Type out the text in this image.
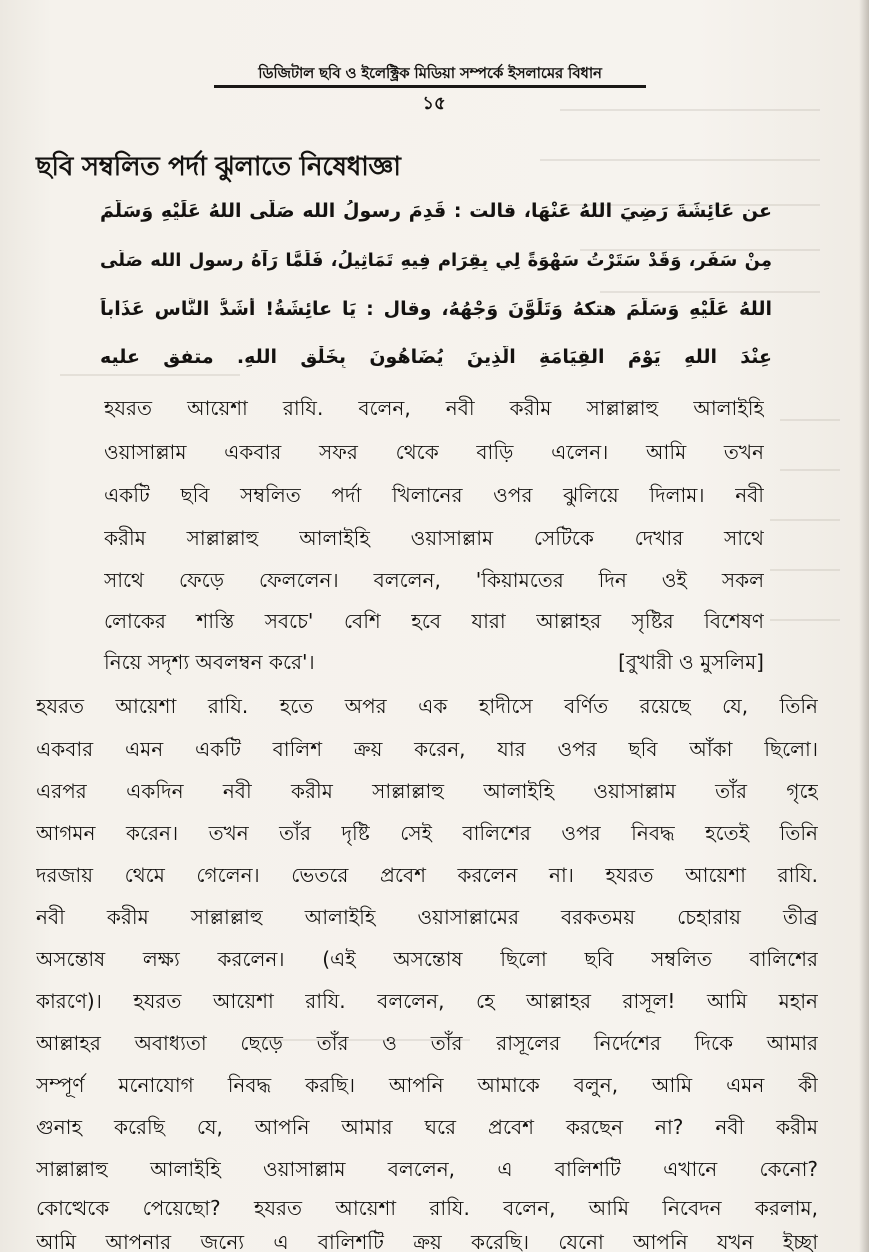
ডিজিটাল ছবি ও ইলেক্ট্রিক মিডিয়া সম্পর্কে ইসলামের বিধান
১৫
ছবি সম্বলিত পর্দা ঝুলাতে নিষেধাজ্ঞা
عن عَائِشَةَ رَضِيَ اللهُ عَنْهَا، قالت : قَدِمَ رسولُ الله صَلَّى اللهُ عَلَيْهِ وَسَلَّمَ
مِنْ سَفَرٍ، وَقَدْ سَتَرْتُ سَهْوَةً لِي بِقِرَامٍ فِيهِ تَمَاثِيلُ، فَلَمَّا رَآهُ رسول الله صَلَّى
اللهُ عَلَيْهِ وَسَلَّمَ هتكهُ وَتَلَوَّنَ وَجْهُهُ، وقال : يَا عائِشَةُ! أَشَدُّ النَّاسِ عَذَاباً
عِنْدَ اللهِ يَوْمَ القِيَامَةِ الَّذِينَ يُضَاهُونَ بِخَلْقِ اللهِ. متفق عليه
হযরত আয়েশা রাযি. বলেন, নবী করীম সাল্লাল্লাহু আলাইহি
ওয়াসাল্লাম একবার সফর থেকে বাড়ি এলেন। আমি তখন
একটি ছবি সম্বলিত পর্দা খিলানের ওপর ঝুলিয়ে দিলাম। নবী
করীম সাল্লাল্লাহু আলাইহি ওয়াসাল্লাম সেটিকে দেখার সাথে
সাথে ফেড়ে ফেললেন। বললেন, 'কিয়ামতের দিন ওই সকল
লোকের শাস্তি সবচে' বেশি হবে যারা আল্লাহর সৃষ্টির বিশেষণ
নিয়ে সদৃশ্য অবলম্বন করে'।	[বুখারী ও মুসলিম]
হযরত আয়েশা রাযি. হতে অপর এক হাদীসে বর্ণিত রয়েছে যে, তিনি
একবার এমন একটি বালিশ ক্রয় করেন, যার ওপর ছবি আঁকা ছিলো।
এরপর একদিন নবী করীম সাল্লাল্লাহু আলাইহি ওয়াসাল্লাম তাঁর গৃহে
আগমন করেন। তখন তাঁর দৃষ্টি সেই বালিশের ওপর নিবদ্ধ হতেই তিনি
দরজায় থেমে গেলেন। ভেতরে প্রবেশ করলেন না। হযরত আয়েশা রাযি.
নবী করীম সাল্লাল্লাহু আলাইহি ওয়াসাল্লামের বরকতময় চেহারায় তীব্র
অসন্তোষ লক্ষ্য করলেন। (এই অসন্তোষ ছিলো ছবি সম্বলিত বালিশের
কারণে)। হযরত আয়েশা রাযি. বললেন, হে আল্লাহর রাসূল! আমি মহান
আল্লাহর অবাধ্যতা ছেড়ে তাঁর ও তাঁর রাসূলের নির্দেশের দিকে আমার
সম্পূর্ণ মনোযোগ নিবদ্ধ করছি। আপনি আমাকে বলুন, আমি এমন কী
গুনাহ করেছি যে, আপনি আমার ঘরে প্রবেশ করছেন না? নবী করীম
সাল্লাল্লাহু আলাইহি ওয়াসাল্লাম বললেন, এ বালিশটি এখানে কেনো?
কোত্থেকে পেয়েছো? হযরত আয়েশা রাযি. বলেন, আমি নিবেদন করলাম,
আমি আপনার জন্যে এ বালিশটি ক্রয় করেছি। যেনো আপনি যখন ইচ্ছা
